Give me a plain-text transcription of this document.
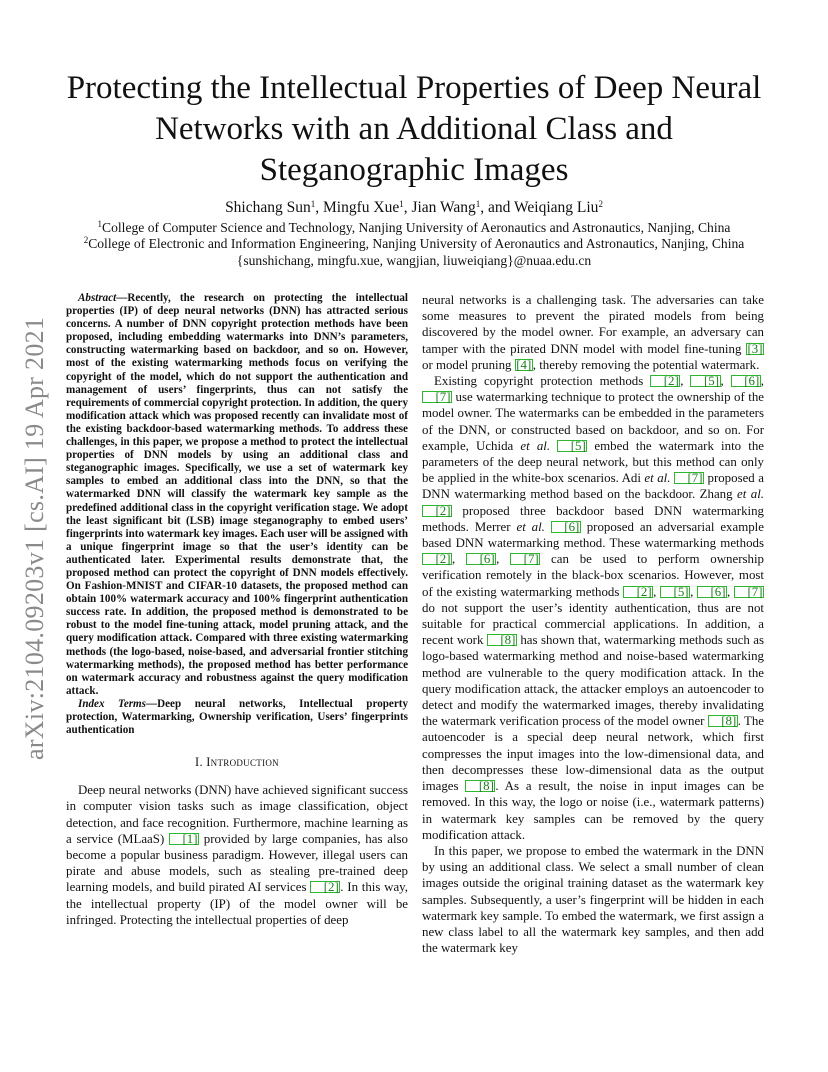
Protecting the Intellectual Properties of Deep Neural Networks with an Additional Class and Steganographic Images
Shichang Sun$^1$, Mingfu Xue$^1$, Jian Wang$^1$, and Weiqiang Liu$^2$
$^1$College of Computer Science and Technology, Nanjing University of Aeronautics and Astronautics, Nanjing, China
$^2$College of Electronic and Information Engineering, Nanjing University of Aeronautics and Astronautics, Nanjing, China
{sunshichang, mingfu.xue, wangjian, liuweiqiang}@nuaa.edu.cn
arXiv:2104.09203v1 [cs.AI] 19 Apr 2021

Abstract—Recently, the research on protecting the intellectual properties (IP) of deep neural networks (DNN) has attracted serious concerns. A number of DNN copyright protection methods have been proposed, including embedding watermarks into DNN’s parameters, constructing watermarking based on backdoor, and so on. However, most of the existing watermarking methods focus on verifying the copyright of the model, which do not support the authentication and management of users’ fingerprints, thus can not satisfy the requirements of commercial copyright protection. In addition, the query modification attack which was proposed recently can invalidate most of the existing backdoor-based watermarking methods. To address these challenges, in this paper, we propose a method to protect the intellectual properties of DNN models by using an additional class and steganographic images. Specifically, we use a set of watermark key samples to embed an additional class into the DNN, so that the watermarked DNN will classify the watermark key sample as the predefined additional class in the copyright verification stage. We adopt the least significant bit (LSB) image steganography to embed users’ fingerprints into watermark key images. Each user will be assigned with a unique fingerprint image so that the user’s identity can be authenticated later. Experimental results demonstrate that, the proposed method can protect the copyright of DNN models effectively. On Fashion-MNIST and CIFAR-10 datasets, the proposed method can obtain 100% watermark accuracy and 100% fingerprint authentication success rate. In addition, the proposed method is demonstrated to be robust to the model fine-tuning attack, model pruning attack, and the query modification attack. Compared with three existing watermarking methods (the logo-based, noise-based, and adversarial frontier stitching watermarking methods), the proposed method has better performance on watermark accuracy and robustness against the query modification attack.

Index Terms—Deep neural networks, Intellectual property protection, Watermarking, Ownership verification, Users’ fingerprints authentication

I. Introduction

Deep neural networks (DNN) have achieved significant success in computer vision tasks such as image classification, object detection, and face recognition. Furthermore, machine learning as a service (MLaaS) [1] provided by large companies, has also become a popular business paradigm. However, illegal users can pirate and abuse models, such as stealing pre-trained deep learning models, and build pirated AI services [2] . In this way, the intellectual property (IP) of the model owner will be infringed. Protecting the intellectual properties of deep

neural networks is a challenging task. The adversaries can take some measures to prevent the pirated models from being discovered by the model owner. For example, an adversary can tamper with the pirated DNN model with model fine-tuning [3] or model pruning [4] , thereby removing the potential watermark.

Existing copyright protection methods [2] , [5] , [6] , [7] use watermarking technique to protect the ownership of the model owner. The watermarks can be embedded in the parameters of the DNN, or constructed based on backdoor, and so on. For example, Uchida et al. [5] embed the watermark into the parameters of the deep neural network, but this method can only be applied in the white-box scenarios. Adi et al. [7] proposed a DNN watermarking method based on the backdoor. Zhang et al. [2] proposed three backdoor based DNN watermarking methods. Merrer et al. [6] proposed an adversarial example based DNN watermarking method. These watermarking methods [2] , [6] , [7] can be used to perform ownership verification remotely in the black-box scenarios. However, most of the existing watermarking methods [2] , [5] , [6] , [7] do not support the user’s identity authentication, thus are not suitable for practical commercial applications. In addition, a recent work [8] has shown that, watermarking methods such as logo-based watermarking method and noise-based watermarking method are vulnerable to the query modification attack. In the query modification attack, the attacker employs an autoencoder to detect and modify the watermarked images, thereby invalidating the watermark verification process of the model owner [8] . The autoencoder is a special deep neural network, which first compresses the input images into the low-dimensional data, and then decompresses these low-dimensional data as the output images [8] . As a result, the noise in input images can be removed. In this way, the logo or noise (i.e., watermark patterns) in watermark key samples can be removed by the query modification attack.

In this paper, we propose to embed the watermark in the DNN by using an additional class. We select a small number of clean images outside the original training dataset as the watermark key samples. Subsequently, a user’s fingerprint will be hidden in each watermark key sample. To embed the watermark, we first assign a new class label to all the watermark key samples, and then add the watermark key
